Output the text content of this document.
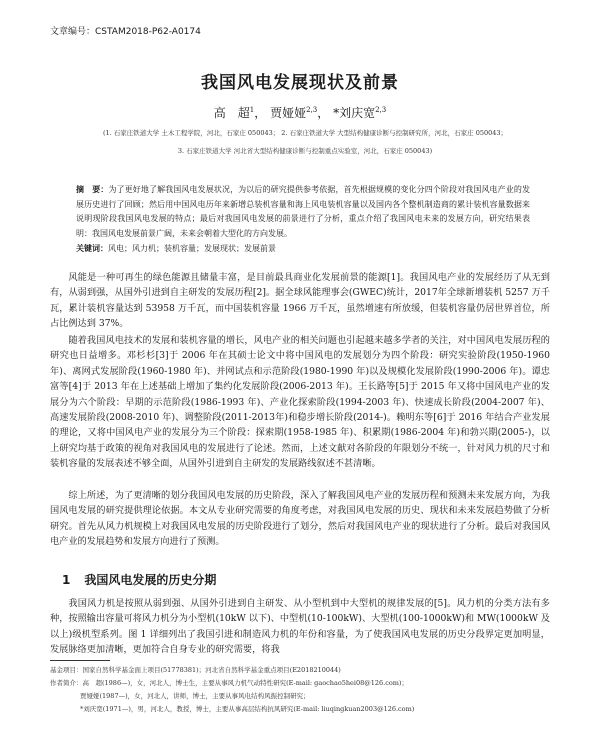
文章编号：CSTAM2018-P62-A0174
我国风电发展现状及前景
高　超$^1$， 贾娅娅$^{2,3}$， *刘庆宽$^{2,3}$
(1. 石家庄铁道大学 土木工程学院，河北，石家庄 050043； 2. 石家庄铁道大学 大型结构健康诊断与控制研究所，河北，石家庄 050043；
3. 石家庄铁道大学 河北省大型结构健康诊断与控制重点实验室，河北，石家庄 050043)
摘　要：为了更好地了解我国风电发展状况，为以后的研究提供参考依据，首先根据规模的变化分四个阶段对我国风电产业的发展历史进行了回顾；然后用中国风电历年来新增总装机容量和海上风电装机容量以及国内各个整机制造商的累计装机容量数据来说明现阶段我国风电发展的特点；最后对我国风电发展的前景进行了分析，重点介绍了我国风电未来的发展方向，研究结果表明：我国风电发展前景广阔，未来会朝着大型化的方向发展。
关键词：风电；风力机；装机容量；发展现状；发展前景
风能是一种可再生的绿色能源且储量丰富，是目前最具商业化发展前景的能源[1]。我国风电产业的发展经历了从无到有，从弱到强，从国外引进到自主研发的发展历程[2]。据全球风能理事会(GWEC)统计，2017年全球新增装机 5257 万千瓦，累计装机容量达到 53958 万千瓦，而中国装机容量 1966 万千瓦，虽然增速有所放缓，但装机容量仍居世界首位，所占比例达到 37%。
随着我国风电技术的发展和装机容量的增长，风电产业的相关问题也引起越来越多学者的关注，对中国风电发展历程的研究也日益增多。邓杉杉[3]于 2006 年在其硕士论文中将中国风电的发展划分为四个阶段：研究实验阶段(1950-1960 年)、离网式发展阶段(1960-1980 年)、并网试点和示范阶段(1980-1990 年)以及规模化发展阶段(1990-2006 年)。谭忠富等[4]于 2013 年在上述基础上增加了集约化发展阶段(2006-2013 年)。王长路等[5]于 2015 年又将中国风电产业的发展分为六个阶段：早期的示范阶段(1986-1993 年)、产业化探索阶段(1994-2003 年)、快速成长阶段(2004-2007 年)、高速发展阶段(2008-2010 年)、调整阶段(2011-2013年)和稳步增长阶段(2014-)。赖明东等[6]于 2016 年结合产业发展的理论，又将中国风电产业的发展分为三个阶段：探索期(1958-1985 年)、积累期(1986-2004 年)和勃兴期(2005-)，以上研究均基于政策的视角对我国风电的发展进行了论述。然而，上述文献对各阶段的年限划分不统一，针对风力机的尺寸和装机容量的发展表述不够全面，从国外引进到自主研发的发展路线叙述不甚清晰。
综上所述，为了更清晰的划分我国风电发展的历史阶段，深入了解我国风电产业的发展历程和预测未来发展方向，为我国风电发展的研究提供理论依据。本文从专业研究需要的角度考虑，对我国风电发展的历史、现状和未来发展趋势做了分析研究。首先从风力机规模上对我国风电发展的历史阶段进行了划分，然后对我国风电产业的现状进行了分析。最后对我国风电产业的发展趋势和发展方向进行了预测。
1 我国风电发展的历史分期
我国风力机是按照从弱到强、从国外引进到自主研发、从小型机到中大型机的规律发展的[5]。风力机的分类方法有多种，按照输出容量可将风力机分为小型机(10kW 以下)、中型机(10-100kW)、大型机(100-1000kW)和 MW(1000kW 及以上)级机型系列。图 1 详细列出了我国引进和制造风力机的年份和容量，为了使我国风电发展的历史分段界定更加明显，发展脉络更加清晰，更加符合自身专业的研究需要，将我
基金项目：国家自然科学基金面上项目(51778381)；河北省自然科学基金重点项目(E2018210044)
作者简介：高　超(1986—)，女，河北人，博士生，主要从事风力机气动特性研究(E-mail: gaochao5hei08@126.com)；
贾娅娅(1987—)，女，河北人，讲师，博士，主要从事风电结构风振控制研究；
*刘庆宽(1971—)，男，河北人，教授，博士，主要从事高层结构抗风研究(E-mail: liuqingkuan2003@126.com)
